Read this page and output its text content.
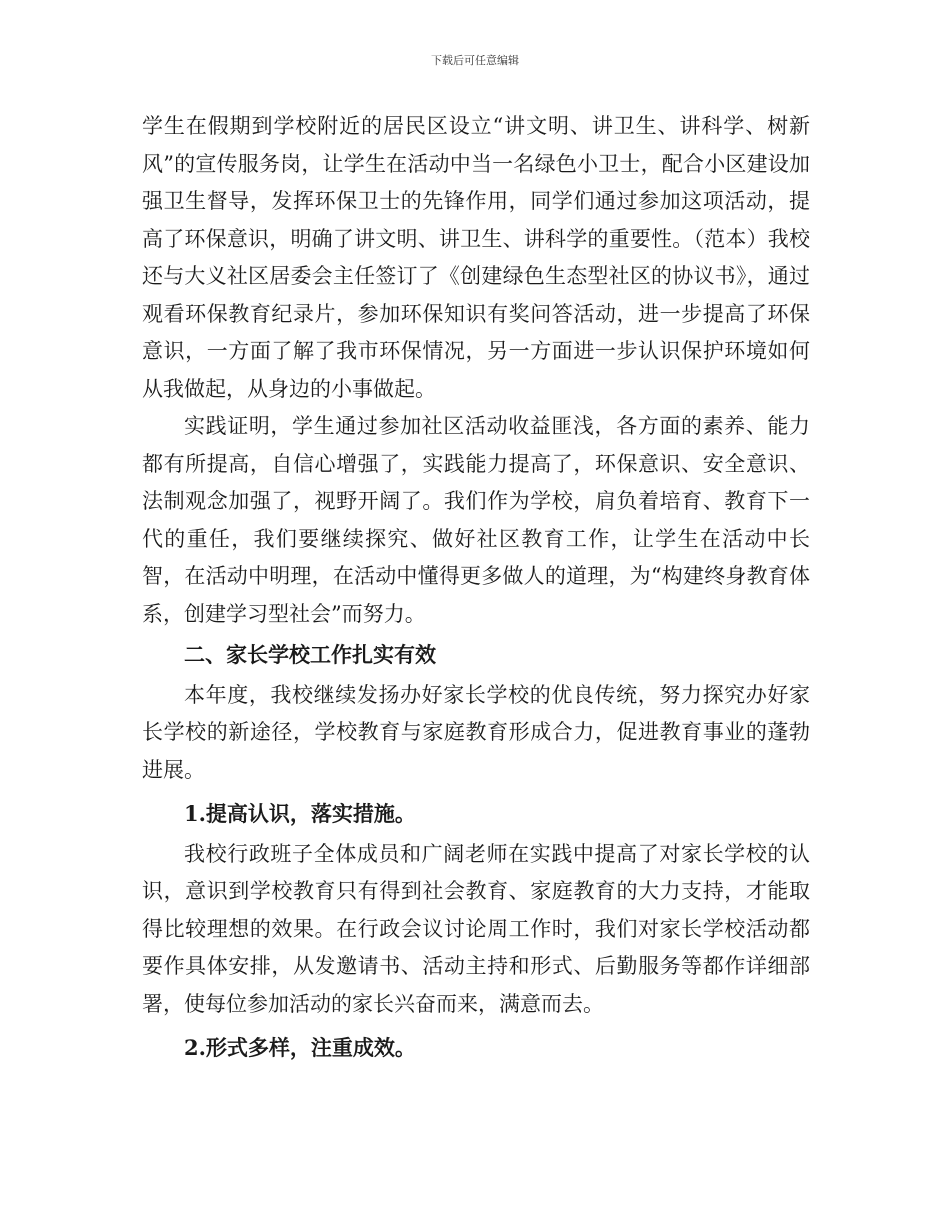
下载后可任意编辑

学生在假期到学校附近的居民区设立“讲文明、讲卫生、讲科学、树新风”的宣传服务岗，让学生在活动中当一名绿色小卫士，配合小区建设加强卫生督导，发挥环保卫士的先锋作用，同学们通过参加这项活动，提高了环保意识，明确了讲文明、讲卫生、讲科学的重要性。（范本）我校还与大义社区居委会主任签订了《创建绿色生态型社区的协议书》，通过观看环保教育纪录片，参加环保知识有奖问答活动，进一步提高了环保意识，一方面了解了我市环保情况，另一方面进一步认识保护环境如何从我做起，从身边的小事做起。

实践证明，学生通过参加社区活动收益匪浅，各方面的素养、能力都有所提高，自信心增强了，实践能力提高了，环保意识、安全意识、法制观念加强了，视野开阔了。我们作为学校，肩负着培育、教育下一代的重任，我们要继续探究、做好社区教育工作，让学生在活动中长智，在活动中明理，在活动中懂得更多做人的道理，为“构建终身教育体系，创建学习型社会”而努力。

二、家长学校工作扎实有效

本年度，我校继续发扬办好家长学校的优良传统，努力探究办好家长学校的新途径，学校教育与家庭教育形成合力，促进教育事业的蓬勃进展。

1.提高认识，落实措施。

我校行政班子全体成员和广阔老师在实践中提高了对家长学校的认识，意识到学校教育只有得到社会教育、家庭教育的大力支持，才能取得比较理想的效果。在行政会议讨论周工作时，我们对家长学校活动都要作具体安排，从发邀请书、活动主持和形式、后勤服务等都作详细部署，使每位参加活动的家长兴奋而来，满意而去。

2.形式多样，注重成效。
